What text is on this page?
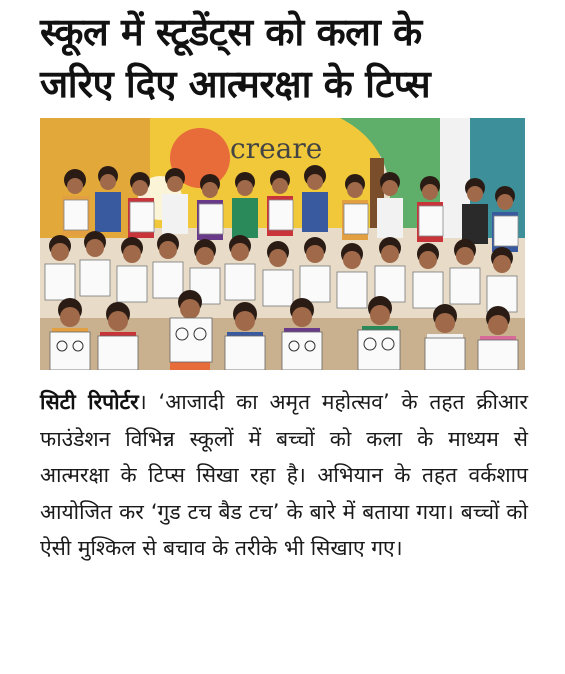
स्कूल में स्टूडेंट्स को कला के
जरिए दिए आत्मरक्षा के टिप्स
creare

सिटी रिपोर्टर। ‘आजादी का अमृत महोत्सव’ के तहत क्रीआर फाउंडेशन विभिन्न स्कूलों में बच्चों को कला के माध्यम से आत्मरक्षा के टिप्स सिखा रहा है। अभियान के तहत वर्कशाप आयोजित कर ‘गुड टच बैड टच’ के बारे में बताया गया। बच्चों को ऐसी मुश्किल से बचाव के तरीके भी सिखाए गए।
